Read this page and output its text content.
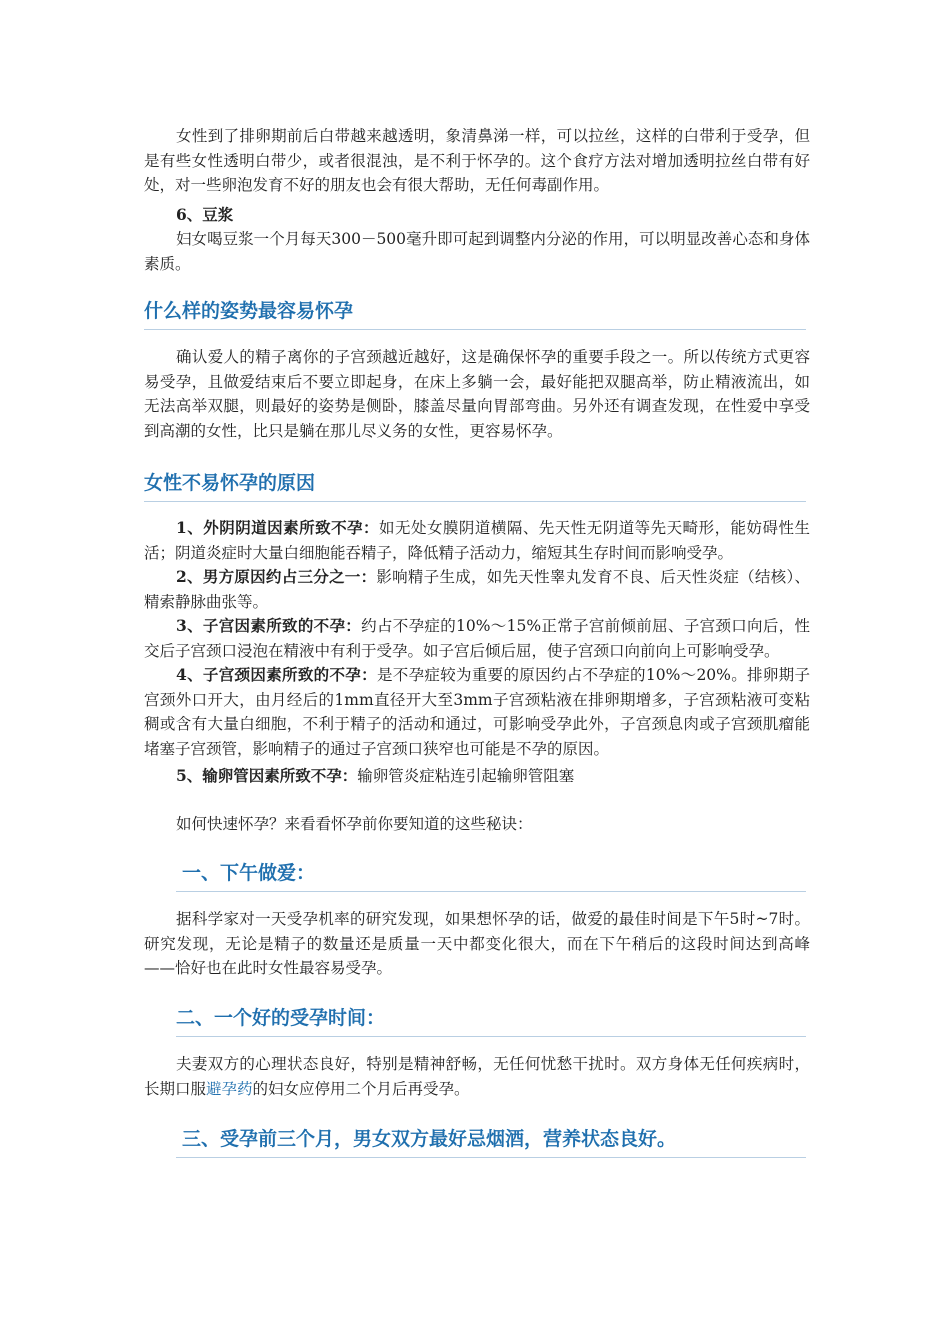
女性到了排卵期前后白带越来越透明，象清鼻涕一样，可以拉丝，这样的白带利于受孕，但是有些女性透明白带少，或者很混浊，是不利于怀孕的。这个食疗方法对增加透明拉丝白带有好处，对一些卵泡发育不好的朋友也会有很大帮助，无任何毒副作用。

6、豆浆

妇女喝豆浆一个月每天300－500毫升即可起到调整内分泌的作用，可以明显改善心态和身体素质。

什么样的姿势最容易怀孕

确认爱人的精子离你的子宫颈越近越好，这是确保怀孕的重要手段之一。所以传统方式更容易受孕，且做爱结束后不要立即起身，在床上多躺一会，最好能把双腿高举，防止精液流出，如无法高举双腿，则最好的姿势是侧卧，膝盖尽量向胃部弯曲。另外还有调查发现，在性爱中享受到高潮的女性，比只是躺在那儿尽义务的女性，更容易怀孕。

女性不易怀孕的原因

1、外阴阴道因素所致不孕：如无处女膜阴道横隔、先天性无阴道等先天畸形，能妨碍性生活；阴道炎症时大量白细胞能吞精子，降低精子活动力，缩短其生存时间而影响受孕。

2、男方原因约占三分之一：影响精子生成，如先天性睾丸发育不良、后天性炎症（结核）、精索静脉曲张等。

3、子宫因素所致的不孕：约占不孕症的10%～15%正常子宫前倾前屈、子宫颈口向后，性交后子宫颈口浸泡在精液中有利于受孕。如子宫后倾后屈，使子宫颈口向前向上可影响受孕。

4、子宫颈因素所致的不孕：是不孕症较为重要的原因约占不孕症的10%～20%。排卵期子宫颈外口开大，由月经后的1mm直径开大至3mm子宫颈粘液在排卵期增多，子宫颈粘液可变粘稠或含有大量白细胞，不利于精子的活动和通过，可影响受孕此外，子宫颈息肉或子宫颈肌瘤能堵塞子宫颈管，影响精子的通过子宫颈口狭窄也可能是不孕的原因。

5、输卵管因素所致不孕：输卵管炎症粘连引起输卵管阻塞

如何快速怀孕？来看看怀孕前你要知道的这些秘诀：

一、下午做爱：

据科学家对一天受孕机率的研究发现，如果想怀孕的话，做爱的最佳时间是下午5时~7时。研究发现，无论是精子的数量还是质量一天中都变化很大，而在下午稍后的这段时间达到高峰——恰好也在此时女性最容易受孕。

二、一个好的受孕时间：

夫妻双方的心理状态良好，特别是精神舒畅，无任何忧愁干扰时。双方身体无任何疾病时，长期口服避孕药的妇女应停用二个月后再受孕。

三、受孕前三个月，男女双方最好忌烟酒，营养状态良好。
